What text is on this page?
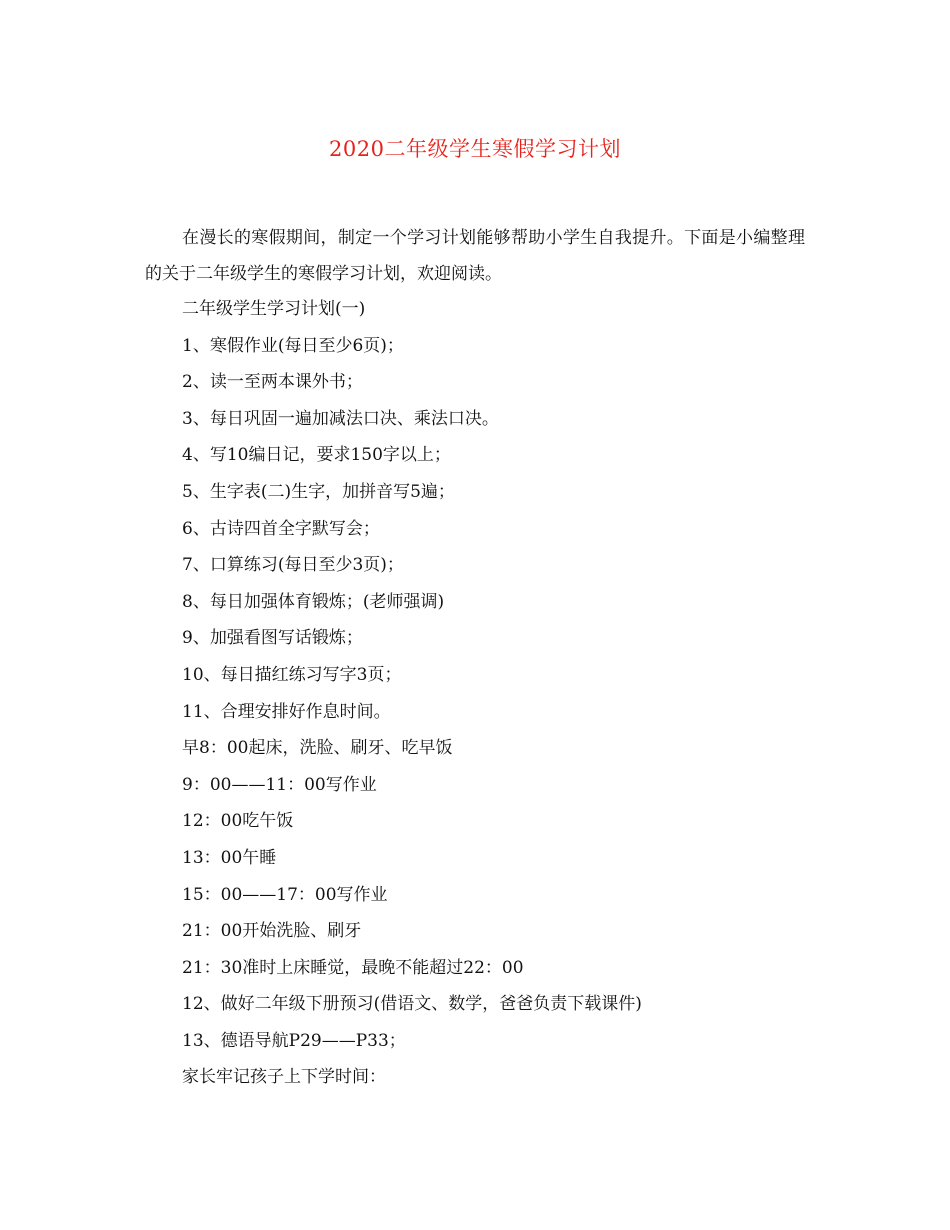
2020二年级学生寒假学习计划
在漫长的寒假期间，制定一个学习计划能够帮助小学生自我提升。下面是小编整理的关于二年级学生的寒假学习计划，欢迎阅读。
二年级学生学习计划(一)
1、寒假作业(每日至少6页)；
2、读一至两本课外书；
3、每日巩固一遍加减法口决、乘法口决。
4、写10编日记，要求150字以上；
5、生字表(二)生字，加拼音写5遍；
6、古诗四首全字默写会；
7、口算练习(每日至少3页)；
8、每日加强体育锻炼；(老师强调)
9、加强看图写话锻炼；
10、每日描红练习写字3页；
11、合理安排好作息时间。
早8：00起床，洗脸、刷牙、吃早饭
9：00——11：00写作业
12：00吃午饭
13：00午睡
15：00——17：00写作业
21：00开始洗脸、刷牙
21：30准时上床睡觉，最晚不能超过22：00
12、做好二年级下册预习(借语文、数学，爸爸负责下载课件)
13、德语导航P29——P33；
家长牢记孩子上下学时间：
